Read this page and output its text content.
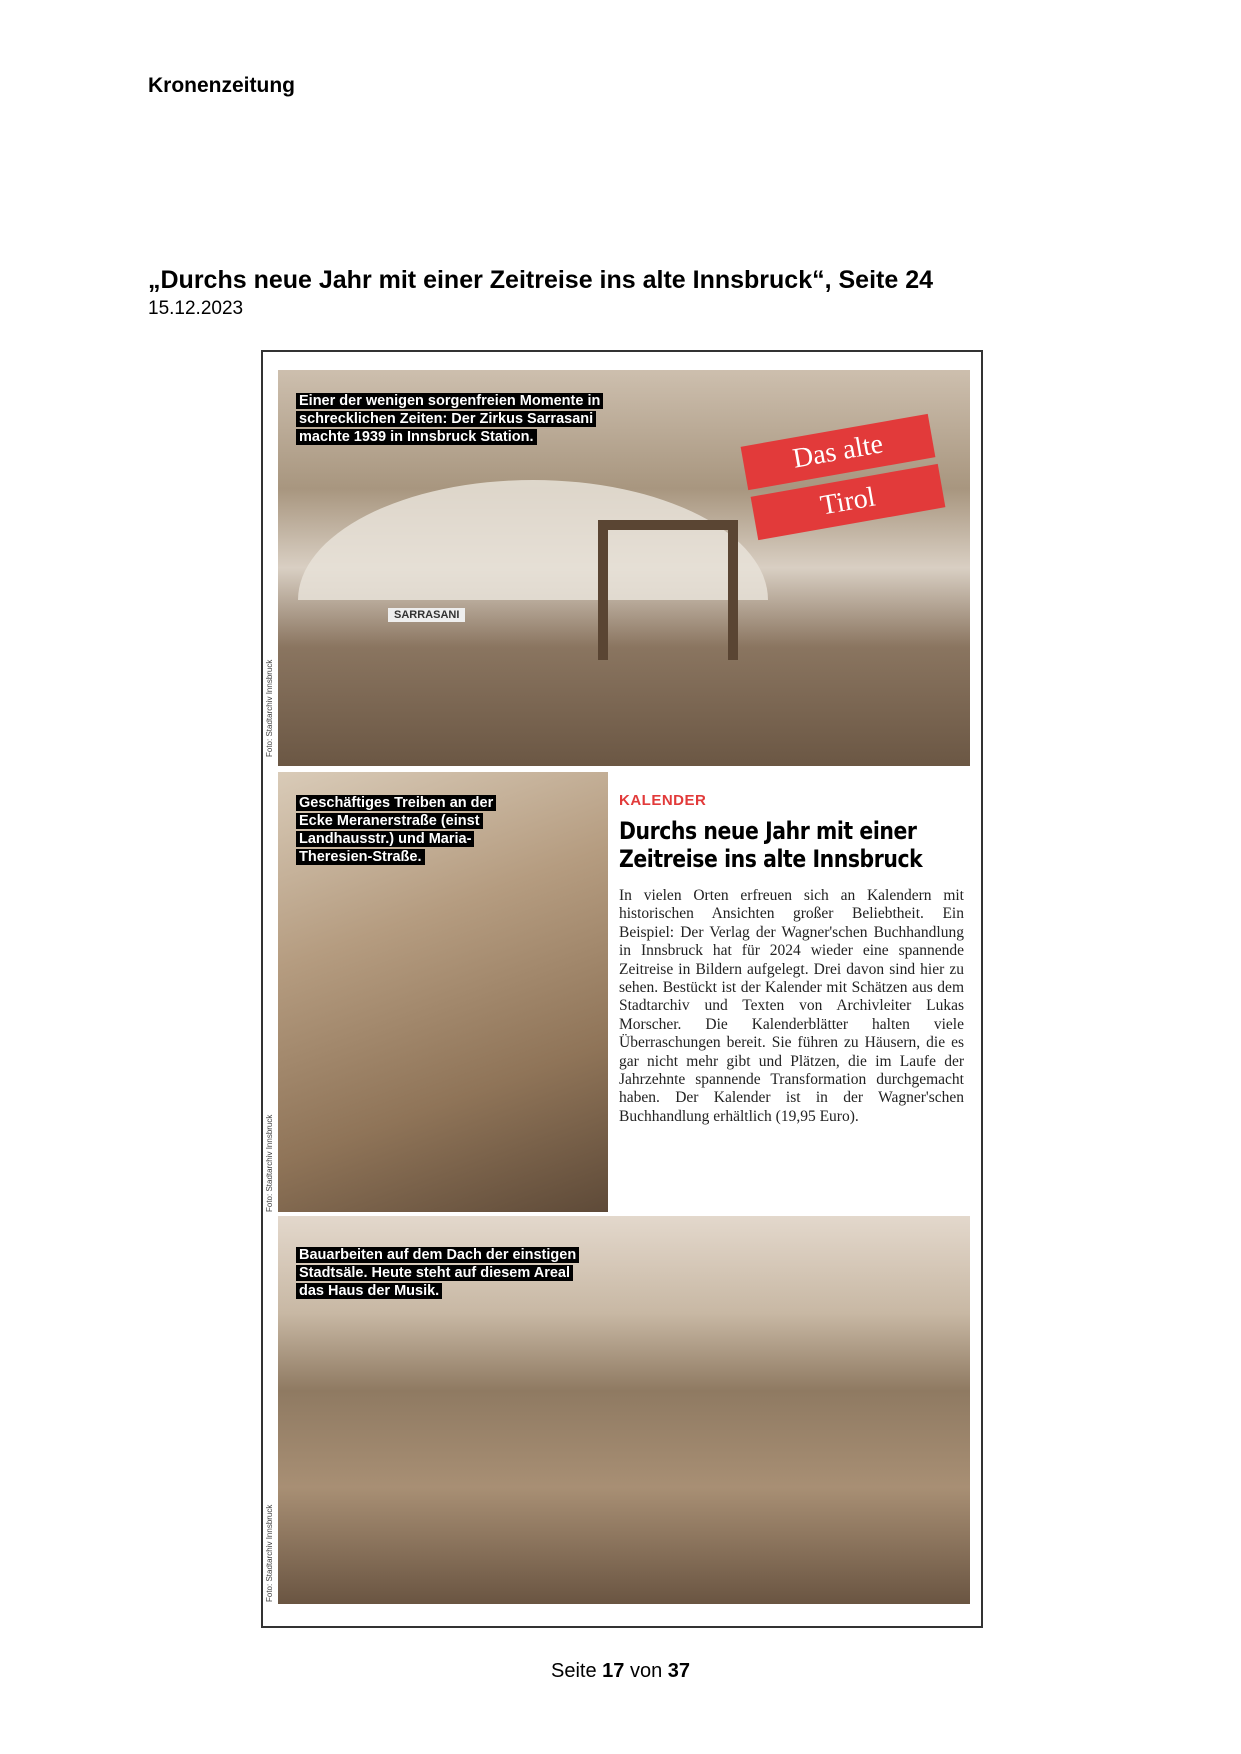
Kronenzeitung
„Durchs neue Jahr mit einer Zeitreise ins alte Innsbruck“, Seite 24
15.12.2023
SARRASANI
Einer der wenigen sorgenfreien Momente in schrecklichen Zeiten: Der Zirkus Sarrasani machte 1939 in Innsbruck Station.	Das alte
Tirol
Foto: Stadtarchiv Innsbruck
Geschäftiges Treiben an der Ecke Meranerstraße (einst Landhausstr.) und Maria-Theresien-Straße.
Foto: Stadtarchiv Innsbruck
KALENDER
Durchs neue Jahr mit einer Zeitreise ins alte Innsbruck
In vielen Orten erfreuen sich an Kalendern mit historischen Ansichten großer Beliebtheit. Ein Beispiel: Der Verlag der Wagner'schen Buchhandlung in Innsbruck hat für 2024 wieder eine spannende Zeitreise in Bildern aufgelegt. Drei davon sind hier zu sehen. Bestückt ist der Kalender mit Schätzen aus dem Stadtarchiv und Texten von Archivleiter Lukas Morscher. Die Kalenderblätter halten viele Überraschungen bereit. Sie führen zu Häusern, die es gar nicht mehr gibt und Plätzen, die im Laufe der Jahrzehnte spannende Transformation durchgemacht haben. Der Kalender ist in der Wagner'schen Buchhandlung erhältlich (19,95 Euro).
Bauarbeiten auf dem Dach der einstigen Stadtsäle. Heute steht auf diesem Areal das Haus der Musik.
Foto: Stadtarchiv Innsbruck
Seite 17 von 37
